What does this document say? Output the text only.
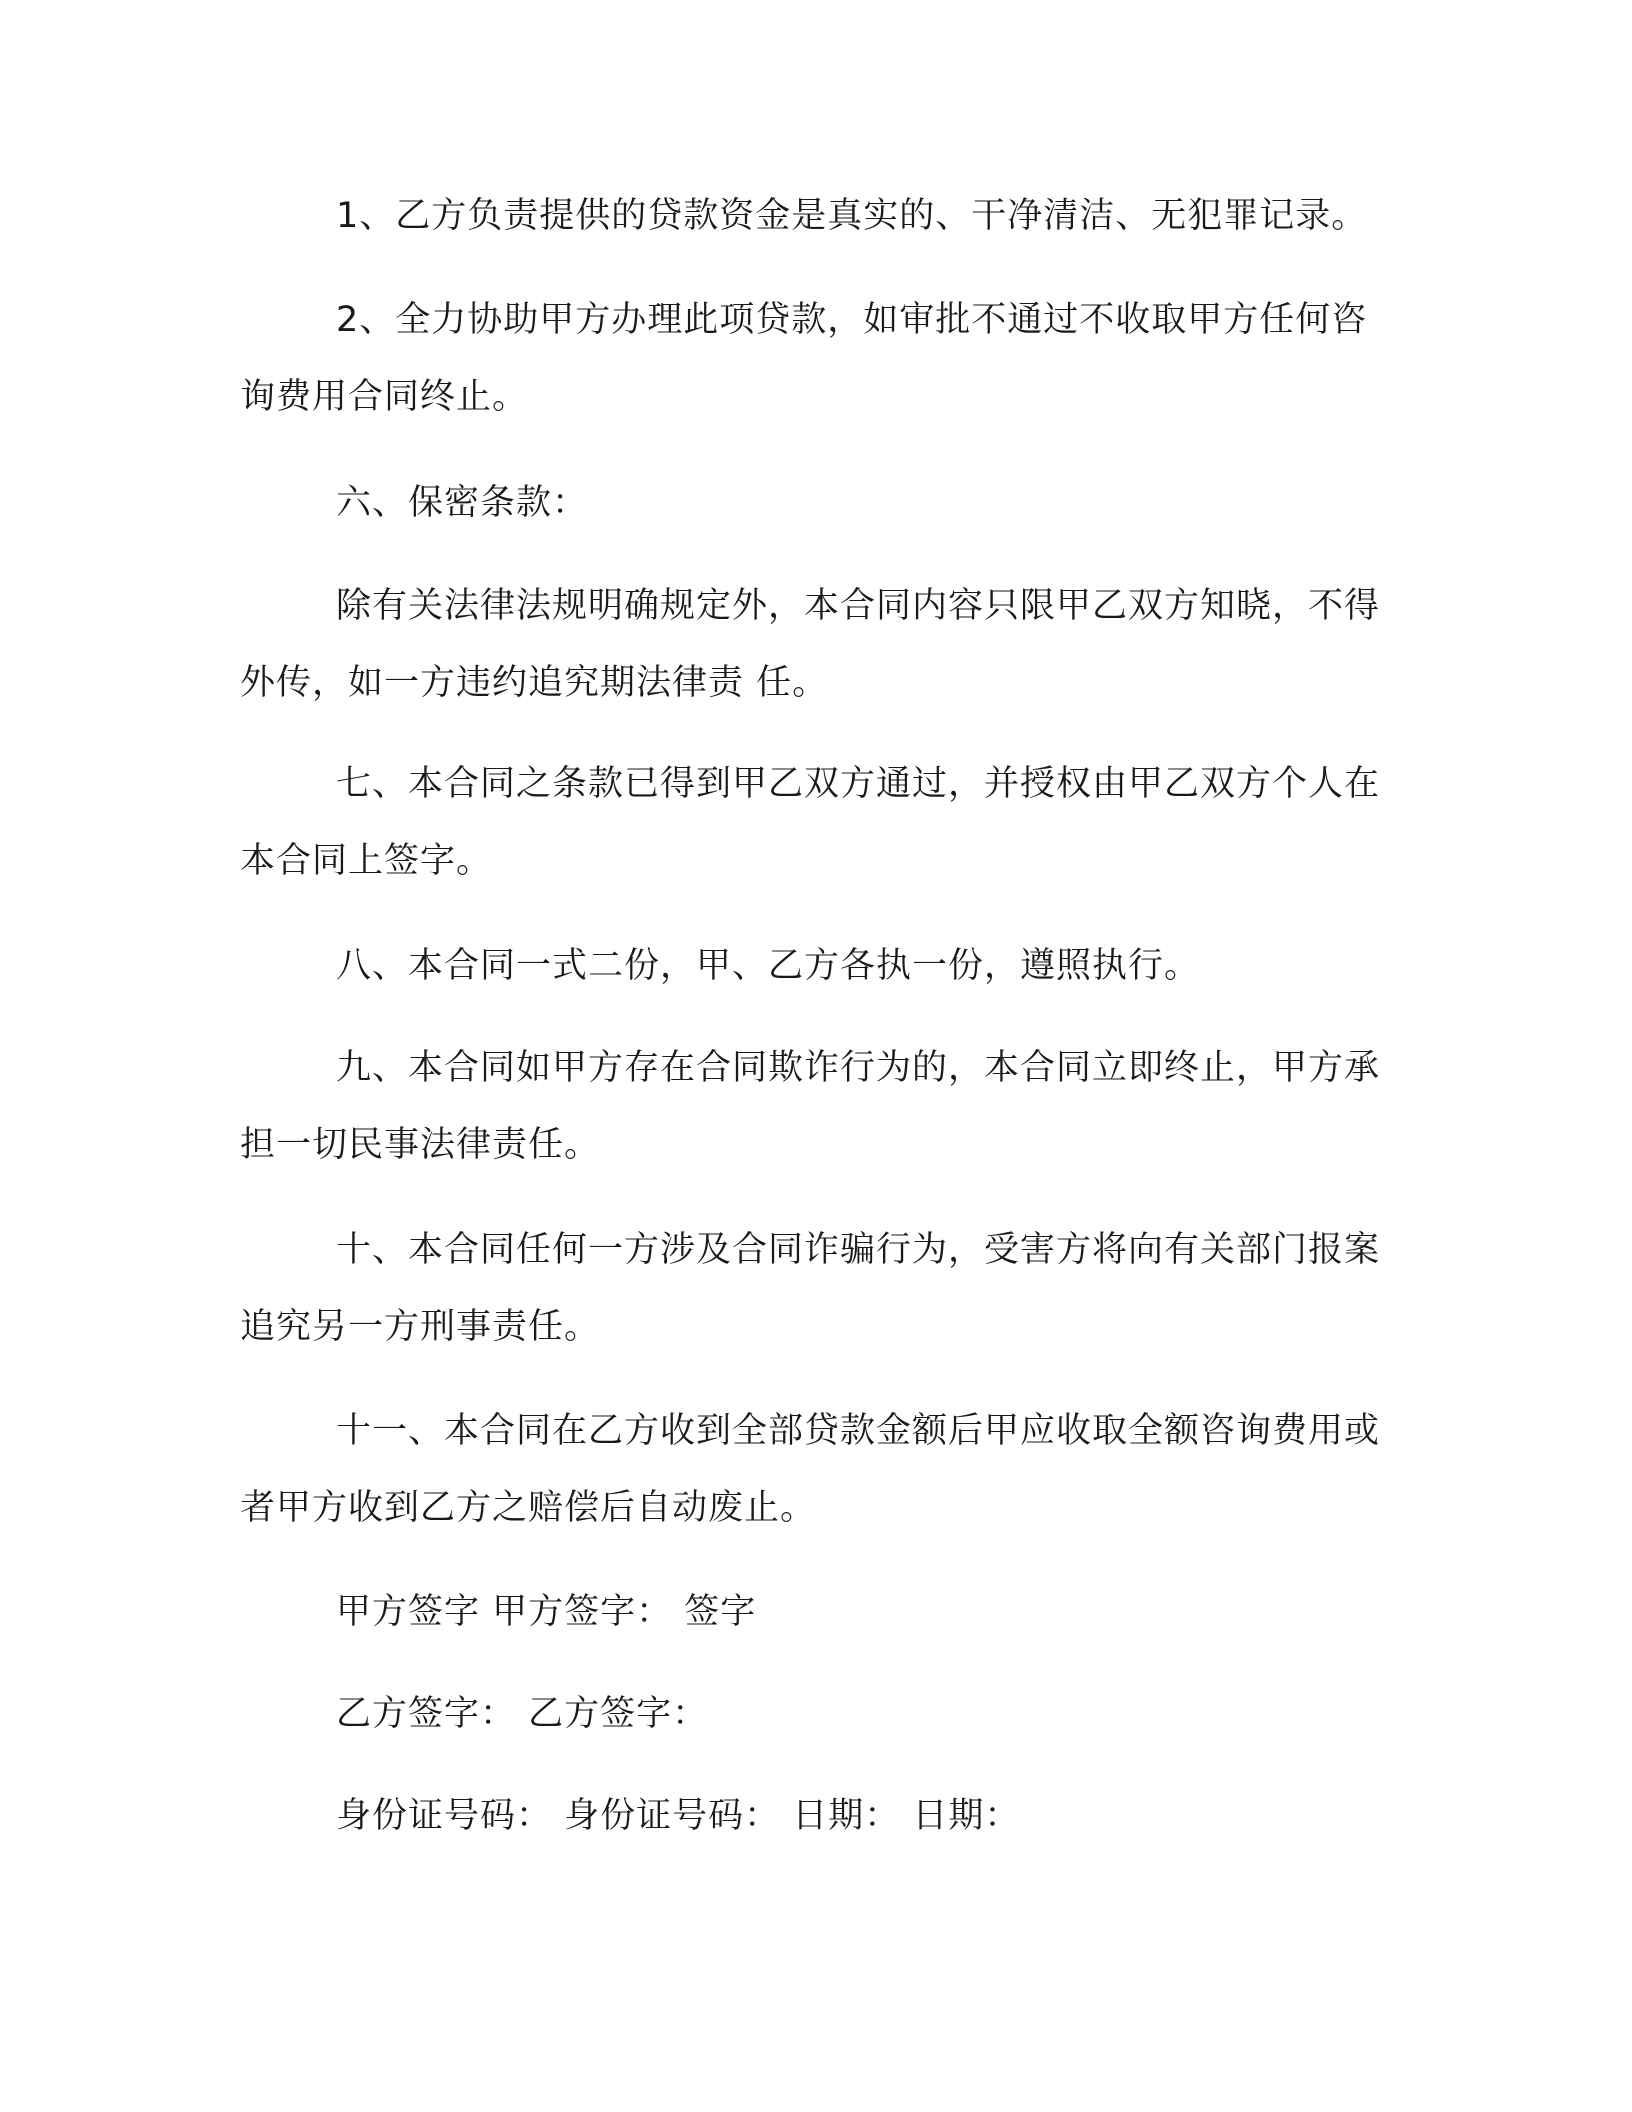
1、乙方负责提供的贷款资金是真实的、干净清洁、无犯罪记录。

2、全力协助甲方办理此项贷款，如审批不通过不收取甲方任何咨询费用合同终止。

六、保密条款：

除有关法律法规明确规定外，本合同内容只限甲乙双方知晓，不得外传，如一方违约追究期法律责 任。

七、本合同之条款已得到甲乙双方通过，并授权由甲乙双方个人在本合同上签字。

八、本合同一式二份，甲、乙方各执一份，遵照执行。

九、本合同如甲方存在合同欺诈行为的，本合同立即终止，甲方承担一切民事法律责任。

十、本合同任何一方涉及合同诈骗行为，受害方将向有关部门报案追究另一方刑事责任。

十一、本合同在乙方收到全部贷款金额后甲应收取全额咨询费用或者甲方收到乙方之赔偿后自动废止。

甲方签字 甲方签字： 签字

乙方签字： 乙方签字：

身份证号码： 身份证号码： 日期： 日期：
